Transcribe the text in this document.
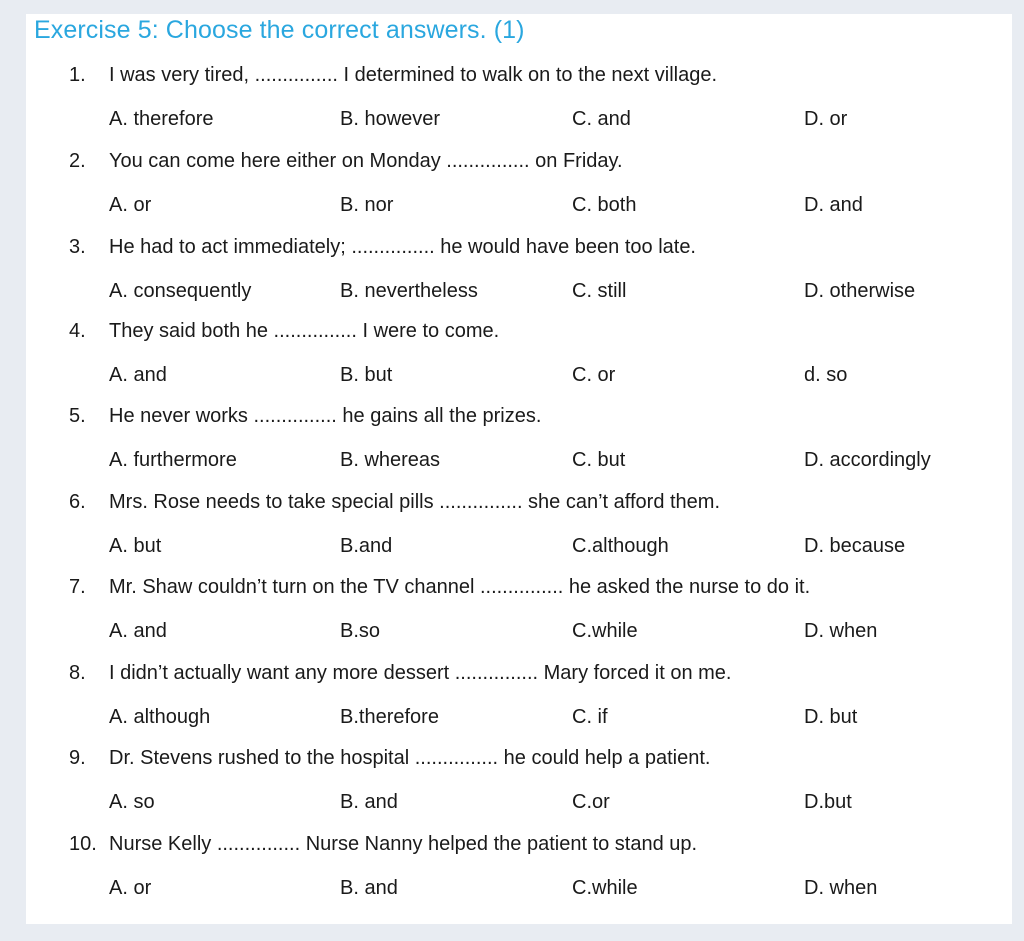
Exercise 5: Choose the correct answers. (1)
1. I was very tired, ............... I determined to walk on to the next village.
A. therefore	B. however	C. and	D. or
2. You can come here either on Monday ............... on Friday.
A. or	B. nor	C. both	D. and
3. He had to act immediately; ............... he would have been too late.
A. consequently	B. nevertheless	C. still	D. otherwise
4. They said both he ............... I were to come.
A. and	B. but	C. or	d. so
5. He never works ............... he gains all the prizes.
A. furthermore	B. whereas	C. but	D. accordingly
6. Mrs. Rose needs to take special pills ............... she can’t afford them.
A. but	B.and	C.although	D. because
7. Mr. Shaw couldn’t turn on the TV channel ............... he asked the nurse to do it.
A. and	B.so	C.while	D. when
8. I didn’t actually want any more dessert ............... Mary forced it on me.
A. although	B.therefore	C. if	D. but
9. Dr. Stevens rushed to the hospital ............... he could help a patient.
A. so	B. and	C.or	D.but
10. Nurse Kelly ............... Nurse Nanny helped the patient to stand up.
A. or	B. and	C.while	D. when
